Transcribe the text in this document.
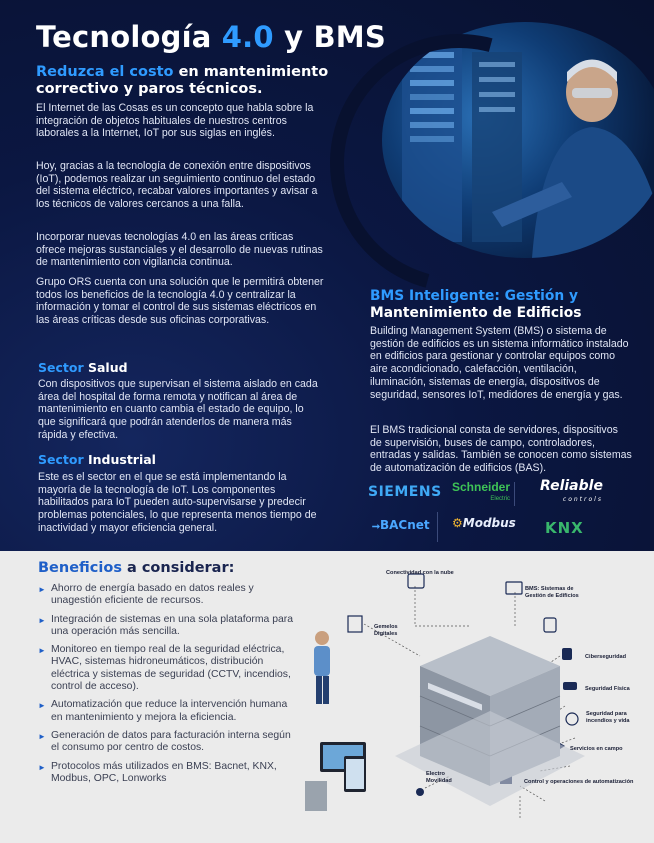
Tecnología 4.0 y BMS
Reduzca el costo en mantenimiento correctivo y paros técnicos.

El Internet de las Cosas es un concepto que habla sobre la integración de objetos habituales de nuestros centros laborales a la Internet, IoT por sus siglas en inglés.

Hoy, gracias a la tecnología de conexión entre dispositivos (IoT), podemos realizar un seguimiento continuo del estado del sistema eléctrico, recabar valores importantes y avisar a los técnicos de valores cercanos a una falla.

Incorporar nuevas tecnologías 4.0 en las áreas críticas ofrece mejoras sustanciales y el desarrollo de nuevas rutinas de mantenimiento con vigilancia continua.

Grupo ORS cuenta con una solución que le permitirá obtener todos los beneficios de la tecnología 4.0 y centralizar la información y tomar el control de sus sistemas eléctricos en las áreas críticas desde sus oficinas corporativas.

Sector Salud

Con dispositivos que supervisan el sistema aislado en cada área del hospital de forma remota y notifican al área de mantenimiento en cuanto cambia el estado de equipo, lo que significará que podrán atenderlos de manera más rápida y efectiva.

Sector Industrial

Este es el sector en el que se está implementando la mayoría de la tecnología de IoT. Los componentes habilitados para IoT pueden auto-supervisarse y predecir problemas potenciales, lo que representa menos tiempo de inactividad y mayor eficiencia general.

BMS Inteligente: Gestión y
Mantenimiento de Edificios

Building Management System (BMS) o sistema de gestión de edificios es un sistema informático instalado en edificios para gestionar y controlar equipos como aire acondicionado, calefacción, ventilación, iluminación, sistemas de energía, dispositivos de seguridad, sensores IoT, medidores de energía y gas.

El BMS tradicional consta de servidores, dispositivos de supervisión, buses de campo, controladores, entradas y salidas. También se conocen como sistemas de automatización de edificios (BAS).

SIEMENS Schneider
Electric
Reliable
controls
⭢BACnet ⚙Modbus KNX
Beneficios a considerar:
► Ahorro de energía basado en datos reales y unagestión eficiente de recursos.
► Integración de sistemas en una sola plataforma para una operación más sencilla.
► Monitoreo en tiempo real de la seguridad eléctrica, HVAC, sistemas hidroneumáticos, distribución eléctrica y sistemas de seguridad (CCTV, incendios, control de acceso).
► Automatización que reduce la intervención humana en mantenimiento y mejora la eficiencia.
► Generación de datos para facturación interna según el consumo por centro de costos.
► Protocolos más utilizados en BMS: Bacnet, KNX, Modbus, OPC, Lonworks
Conectividad con la nube
BMS: Sistemas de Gestión de Edificios
Gemelos Digitales
Ciberseguridad
Seguridad Física
Seguridad para incendios y vida
Servicios en campo
Electro Movilidad	Control y operaciones de automatización
